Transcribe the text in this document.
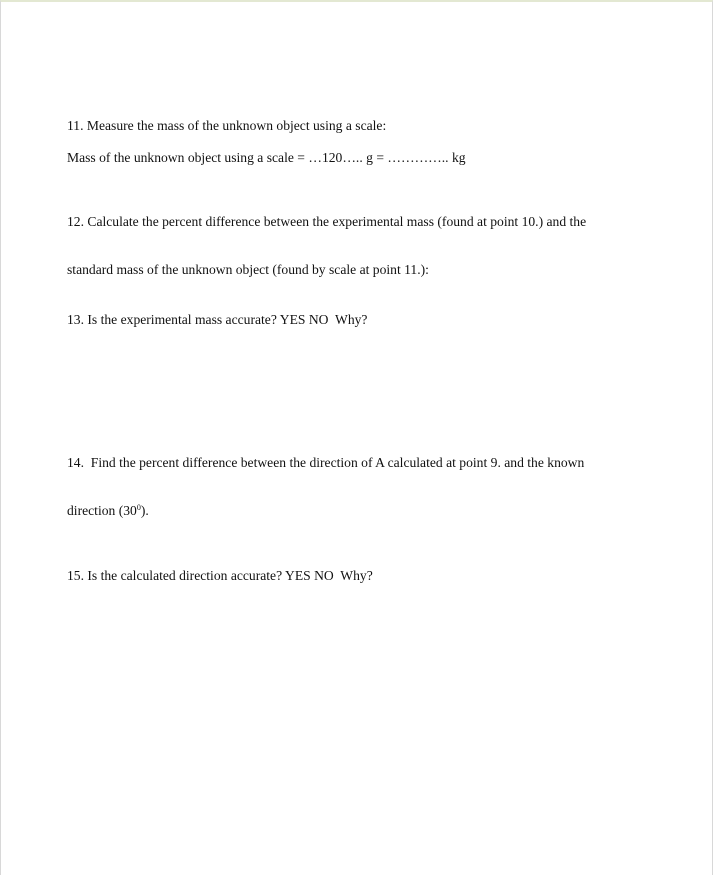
11. Measure the mass of the unknown object using a scale:

Mass of the unknown object using a scale = …120….. g = ………….. kg

12. Calculate the percent difference between the experimental mass (found at point 10.) and the

standard mass of the unknown object (found by scale at point 11.):

13. Is the experimental mass accurate? YES NO  Why?

14.  Find the percent difference between the direction of A calculated at point 9. and the known

direction $(30^0)$.

15. Is the calculated direction accurate? YES NO  Why?
